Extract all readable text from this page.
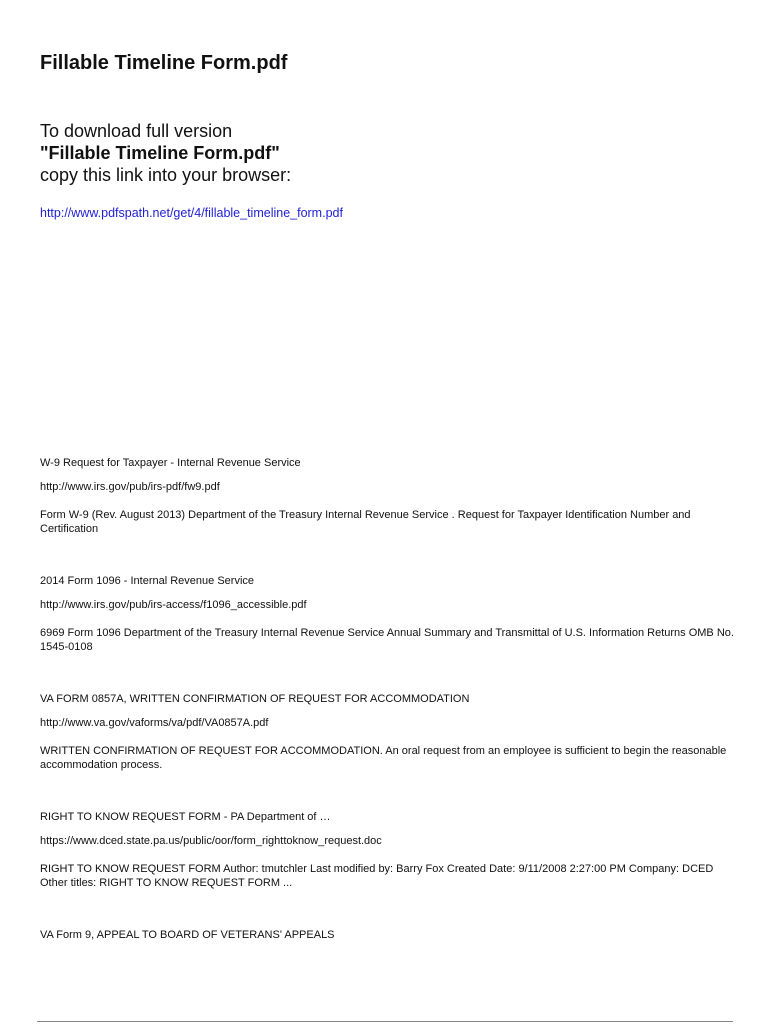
Fillable Timeline Form.pdf
To download full version
"Fillable Timeline Form.pdf"
copy this link into your browser:
http://www.pdfspath.net/get/4/fillable_timeline_form.pdf

W-9 Request for Taxpayer - Internal Revenue Service

http://www.irs.gov/pub/irs-pdf/fw9.pdf

Form W-9 (Rev. August 2013) Department of the Treasury Internal Revenue Service . Request for Taxpayer Identification Number and Certification

2014 Form 1096 - Internal Revenue Service

http://www.irs.gov/pub/irs-access/f1096_accessible.pdf

6969 Form 1096 Department of the Treasury Internal Revenue Service Annual Summary and Transmittal of U.S. Information Returns OMB No. 1545-0108

VA FORM 0857A, WRITTEN CONFIRMATION OF REQUEST FOR ACCOMMODATION

http://www.va.gov/vaforms/va/pdf/VA0857A.pdf

WRITTEN CONFIRMATION OF REQUEST FOR ACCOMMODATION. An oral request from an employee is sufficient to begin the reasonable accommodation process.

RIGHT TO KNOW REQUEST FORM - PA Department of …

https://www.dced.state.pa.us/public/oor/form_righttoknow_request.doc

RIGHT TO KNOW REQUEST FORM Author: tmutchler Last modified by: Barry Fox Created Date: 9/11/2008 2:27:00 PM Company: DCED Other titles: RIGHT TO KNOW REQUEST FORM ...

VA Form 9, APPEAL TO BOARD OF VETERANS' APPEALS
